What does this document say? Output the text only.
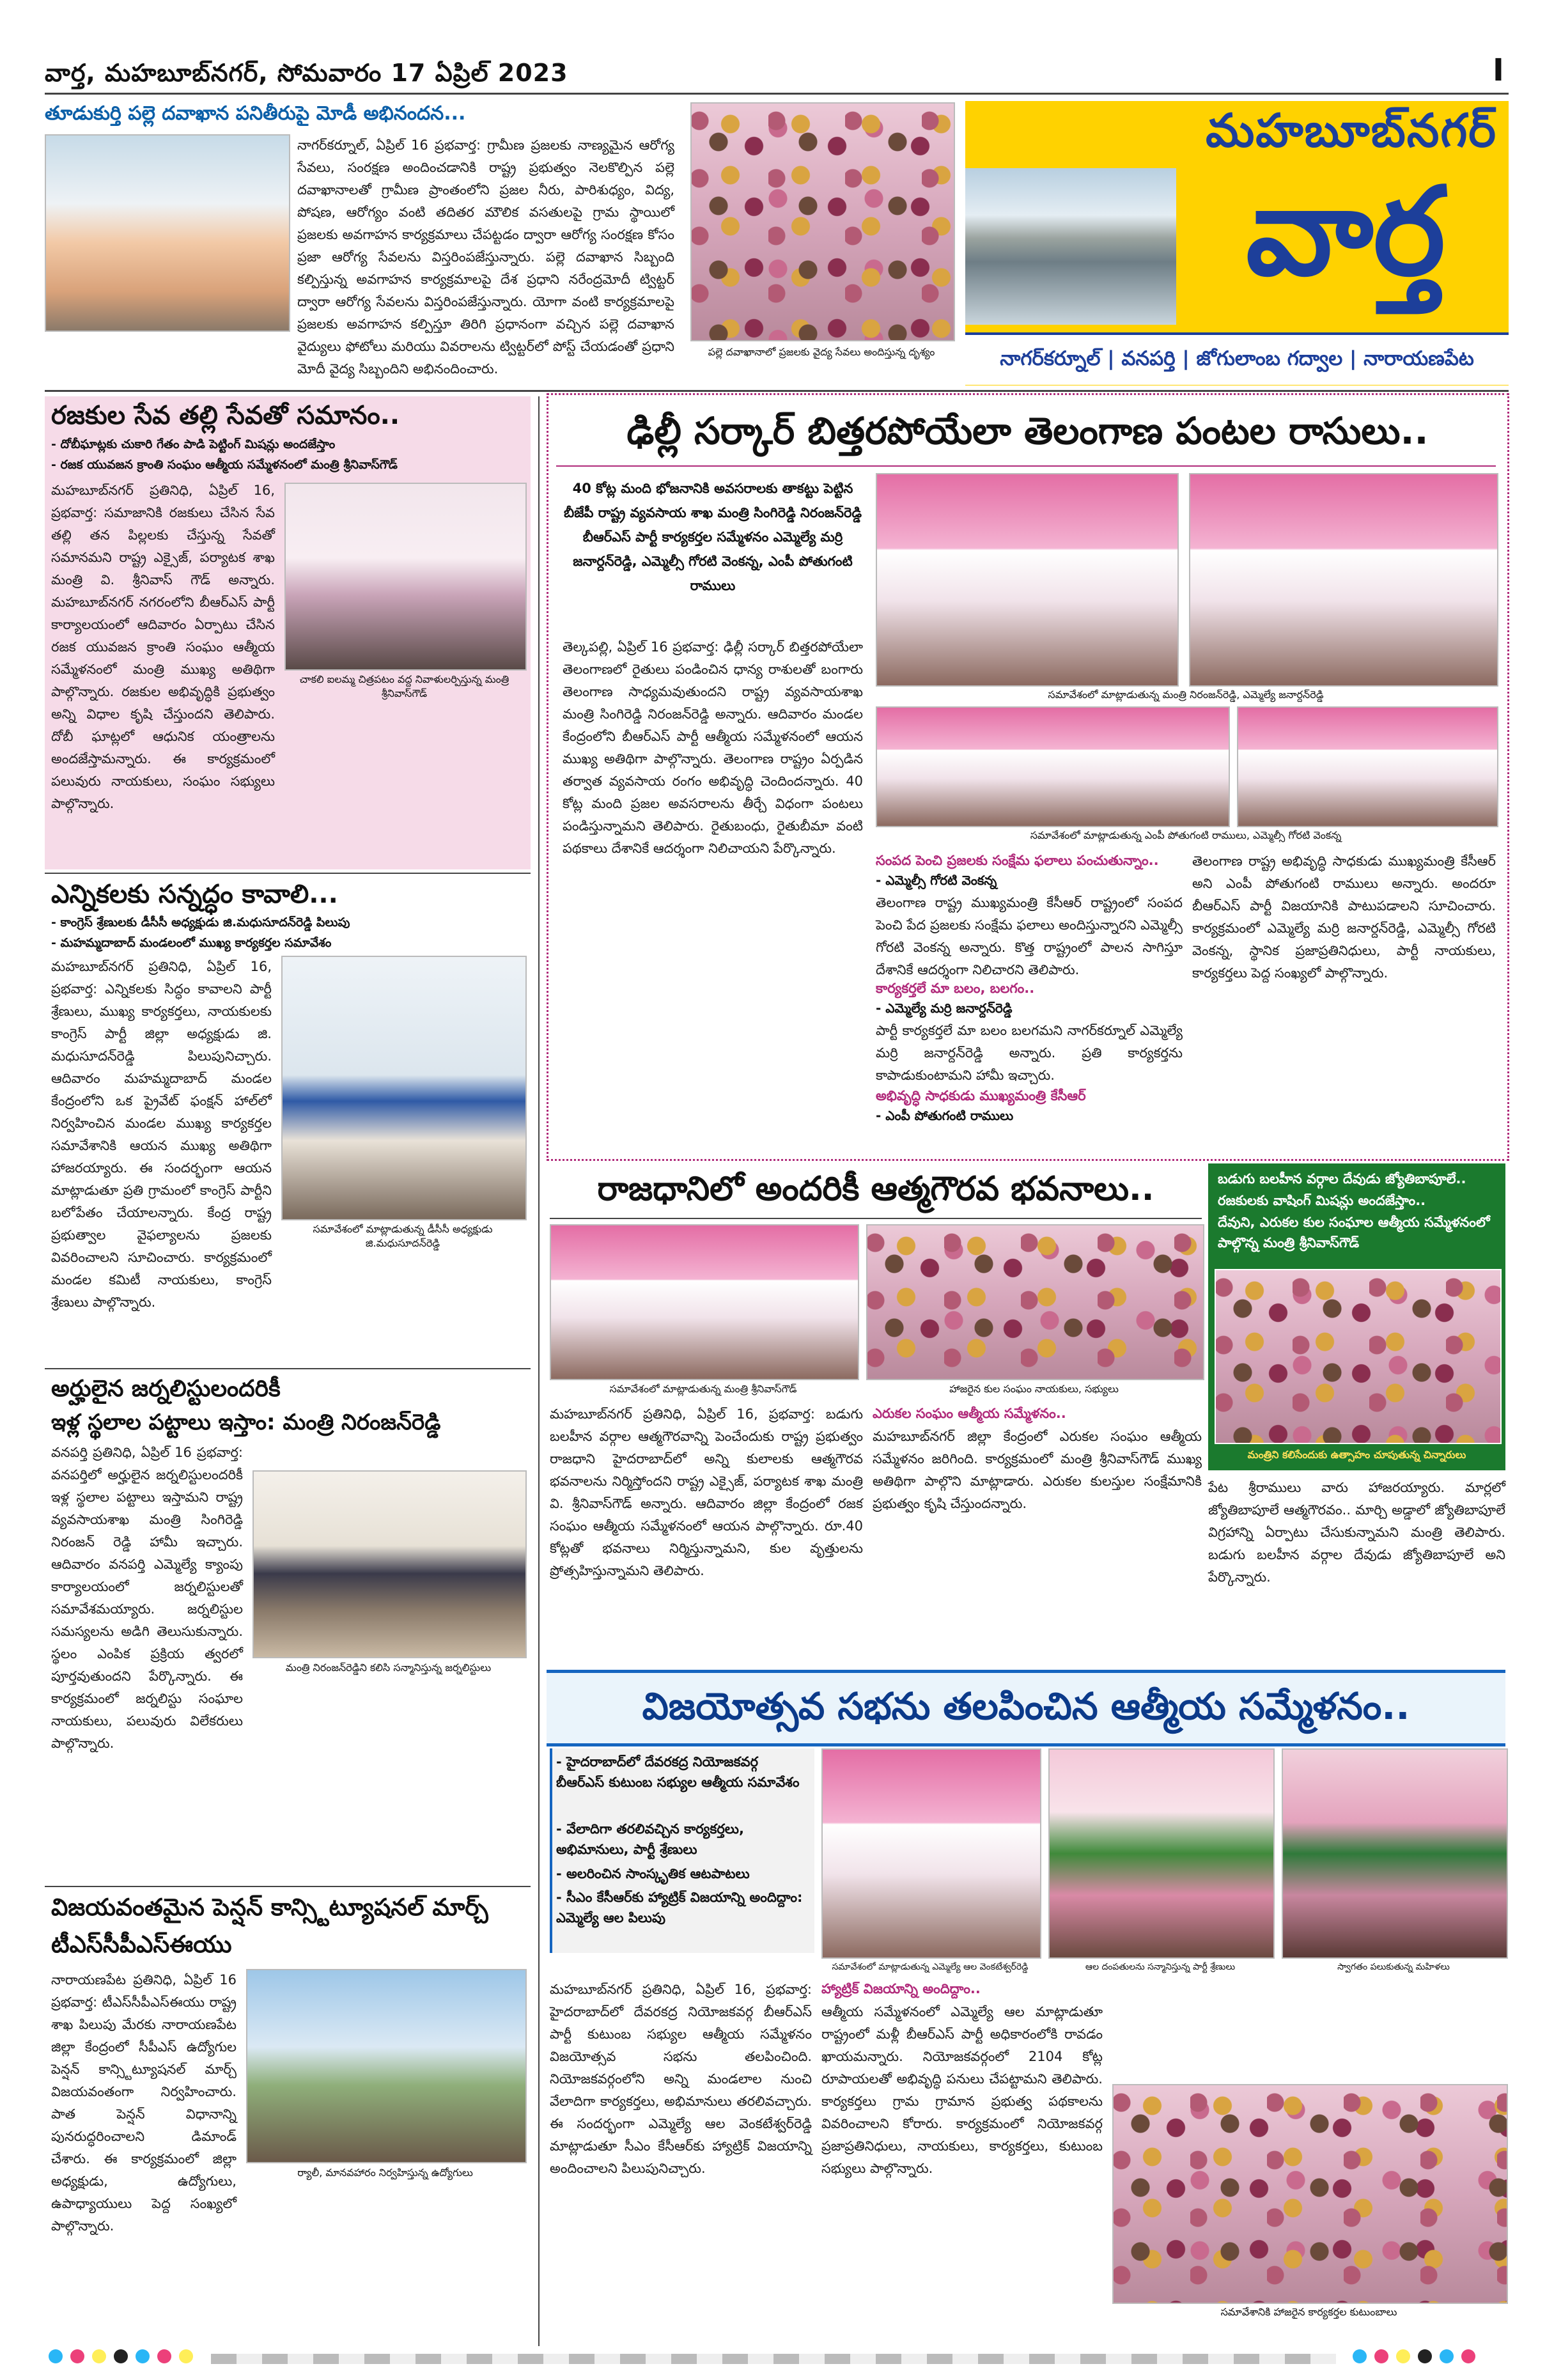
వార్త, మహబూబ్‌నగర్, సోమవారం 17 ఏప్రిల్ 2023	I
తూడుకుర్తి పల్లె దవాఖాన పనితీరుపై మోడీ అభినందన...
నాగర్‌కర్నూల్, ఏప్రిల్ 16 ప్రభవార్త: గ్రామీణ ప్రజలకు నాణ్యమైన ఆరోగ్య సేవలు, సంరక్షణ అందించడానికి రాష్ట్ర ప్రభుత్వం నెలకొల్పిన పల్లె దవాఖానాలతో గ్రామీణ ప్రాంతంలోని ప్రజల నీరు, పారిశుధ్యం, విద్య, పోషణ, ఆరోగ్యం వంటి తదితర మౌలిక వసతులపై గ్రామ స్థాయిలో ప్రజలకు అవగాహన కార్యక్రమాలు చేపట్టడం ద్వారా ఆరోగ్య సంరక్షణ కోసం ప్రజా ఆరోగ్య సేవలను విస్తరింపజేస్తున్నారు. పల్లె దవాఖాన సిబ్బంది కల్పిస్తున్న అవగాహన కార్యక్రమాలపై దేశ ప్రధాని నరేంద్రమోదీ ట్విట్టర్ ద్వారా ఆరోగ్య సేవలను విస్తరింపజేస్తున్నారు. యోగా వంటి కార్యక్రమాలపై ప్రజలకు అవగాహన కల్పిస్తూ తిరిగి ప్రధానంగా వచ్చిన పల్లె దవాఖాన వైద్యులు ఫోటోలు మరియు వివరాలను ట్విట్టర్‌లో పోస్ట్ చేయడంతో ప్రధాని మోదీ వైద్య సిబ్బందిని అభినందించారు.
పల్లె దవాఖానాలో ప్రజలకు వైద్య సేవలు అందిస్తున్న దృశ్యం
మహబూబ్‌నగర్
వార్త
నాగర్‌కర్నూల్ | వనపర్తి | జోగులాంబ గద్వాల | నారాయణపేట
రజకుల సేవ తల్లి సేవతో సమానం..
- దోబీఘాట్లకు చుకారి గేతం పాడి పెట్టింగ్ మిషన్లు అందజేస్తాం
- రజక యువజన క్రాంతి సంఘం ఆత్మీయ సమ్మేళనంలో మంత్రి శ్రీనివాస్‌గౌడ్
మహబూబ్‌నగర్ ప్రతినిధి, ఏప్రిల్ 16, ప్రభవార్త: సమాజానికి రజకులు చేసిన సేవ తల్లి తన పిల్లలకు చేస్తున్న సేవతో సమానమని రాష్ట్ర ఎక్సైజ్, పర్యాటక శాఖ మంత్రి వి. శ్రీనివాస్ గౌడ్ అన్నారు. మహబూబ్‌నగర్ నగరంలోని బీఆర్‌ఎస్ పార్టీ కార్యాలయంలో ఆదివారం ఏర్పాటు చేసిన రజక యువజన క్రాంతి సంఘం ఆత్మీయ సమ్మేళనంలో మంత్రి ముఖ్య అతిథిగా పాల్గొన్నారు. రజకుల అభివృద్ధికి ప్రభుత్వం అన్ని విధాల కృషి చేస్తుందని తెలిపారు. దోబీ ఘాట్లలో ఆధునిక యంత్రాలను అందజేస్తామన్నారు. ఈ కార్యక్రమంలో పలువురు నాయకులు, సంఘం సభ్యులు పాల్గొన్నారు.
చాకలి ఐలమ్మ చిత్రపటం వద్ద నివాళులర్పిస్తున్న మంత్రి శ్రీనివాస్‌గౌడ్
ఎన్నికలకు సన్నద్ధం కావాలి...
- కాంగ్రెస్ శ్రేణులకు డీసీసీ అధ్యక్షుడు జి.మధుసూదన్‌రెడ్డి పిలుపు
- మహమ్మదాబాద్ మండలంలో ముఖ్య కార్యకర్తల సమావేశం
మహబూబ్‌నగర్ ప్రతినిధి, ఏప్రిల్ 16, ప్రభవార్త: ఎన్నికలకు సిద్ధం కావాలని పార్టీ శ్రేణులు, ముఖ్య కార్యకర్తలు, నాయకులకు కాంగ్రెస్ పార్టీ జిల్లా అధ్యక్షుడు జి. మధుసూదన్‌రెడ్డి పిలుపునిచ్చారు. ఆదివారం మహమ్మదాబాద్ మండల కేంద్రంలోని ఒక ప్రైవేట్ ఫంక్షన్ హాల్‌లో నిర్వహించిన మండల ముఖ్య కార్యకర్తల సమావేశానికి ఆయన ముఖ్య అతిథిగా హాజరయ్యారు. ఈ సందర్భంగా ఆయన మాట్లాడుతూ ప్రతి గ్రామంలో కాంగ్రెస్ పార్టీని బలోపేతం చేయాలన్నారు. కేంద్ర రాష్ట్ర ప్రభుత్వాల వైఫల్యాలను ప్రజలకు వివరించాలని సూచించారు. కార్యక్రమంలో మండల కమిటీ నాయకులు, కాంగ్రెస్ శ్రేణులు పాల్గొన్నారు.
సమావేశంలో మాట్లాడుతున్న డీసీసీ అధ్యక్షుడు జి.మధుసూదన్‌రెడ్డి
అర్హులైన జర్నలిస్టులందరికీ
ఇళ్ల స్థలాల పట్టాలు ఇస్తాం: మంత్రి నిరంజన్‌రెడ్డి
వనపర్తి ప్రతినిధి, ఏప్రిల్ 16 ప్రభవార్త: వనపర్తిలో అర్హులైన జర్నలిస్టులందరికీ ఇళ్ల స్థలాల పట్టాలు ఇస్తామని రాష్ట్ర వ్యవసాయశాఖ మంత్రి సింగిరెడ్డి నిరంజన్ రెడ్డి హామీ ఇచ్చారు. ఆదివారం వనపర్తి ఎమ్మెల్యే క్యాంపు కార్యాలయంలో జర్నలిస్టులతో సమావేశమయ్యారు. జర్నలిస్టుల సమస్యలను అడిగి తెలుసుకున్నారు. స్థలం ఎంపిక ప్రక్రియ త్వరలో పూర్తవుతుందని పేర్కొన్నారు. ఈ కార్యక్రమంలో జర్నలిస్టు సంఘాల నాయకులు, పలువురు విలేకరులు పాల్గొన్నారు.
మంత్రి నిరంజన్‌రెడ్డిని కలిసి సన్మానిస్తున్న జర్నలిస్టులు
విజయవంతమైన పెన్షన్ కాన్స్టిట్యూషనల్ మార్చ్ టీఎస్‌సీపీఎస్‌ఈయు
నారాయణపేట ప్రతినిధి, ఏప్రిల్ 16 ప్రభవార్త: టీఎస్‌సీపీఎస్‌ఈయు రాష్ట్ర శాఖ పిలుపు మేరకు నారాయణపేట జిల్లా కేంద్రంలో సీపీఎస్ ఉద్యోగుల పెన్షన్ కాన్స్టిట్యూషనల్ మార్చ్ విజయవంతంగా నిర్వహించారు. పాత పెన్షన్ విధానాన్ని పునరుద్ధరించాలని డిమాండ్ చేశారు. ఈ కార్యక్రమంలో జిల్లా అధ్యక్షుడు, ఉద్యోగులు, ఉపాధ్యాయులు పెద్ద సంఖ్యలో పాల్గొన్నారు.
ర్యాలీ, మానవహారం నిర్వహిస్తున్న ఉద్యోగులు
ఢిల్లీ సర్కార్ బిత్తరపోయేలా తెలంగాణ పంటల రాసులు..
40 కోట్ల మంది భోజనానికి అవసరాలకు తాకట్టు పెట్టిన బీజేపీ రాష్ట్ర వ్యవసాయ శాఖ మంత్రి సింగిరెడ్డి నిరంజన్‌రెడ్డి బీఆర్‌ఎస్ పార్టీ కార్యకర్తల సమ్మేళనం ఎమ్మెల్యే మర్రి జనార్దన్‌రెడ్డి, ఎమ్మెల్సీ గోరటి వెంకన్న, ఎంపీ పోతుగంటి రాములు
సమావేశంలో మాట్లాడుతున్న మంత్రి నిరంజన్‌రెడ్డి, ఎమ్మెల్యే జనార్దన్‌రెడ్డి
తెల్కపల్లి, ఏప్రిల్ 16 ప్రభవార్త: ఢిల్లీ సర్కార్ బిత్తరపోయేలా తెలంగాణలో రైతులు పండించిన ధాన్య రాశులతో బంగారు తెలంగాణ సాధ్యమవుతుందని రాష్ట్ర వ్యవసాయశాఖ మంత్రి సింగిరెడ్డి నిరంజన్‌రెడ్డి అన్నారు. ఆదివారం మండల కేంద్రంలోని బీఆర్‌ఎస్ పార్టీ ఆత్మీయ సమ్మేళనంలో ఆయన ముఖ్య అతిథిగా పాల్గొన్నారు. తెలంగాణ రాష్ట్రం ఏర్పడిన తర్వాత వ్యవసాయ రంగం అభివృద్ధి చెందిందన్నారు. 40 కోట్ల మంది ప్రజల అవసరాలను తీర్చే విధంగా పంటలు పండిస్తున్నామని తెలిపారు. రైతుబంధు, రైతుబీమా వంటి పథకాలు దేశానికే ఆదర్శంగా నిలిచాయని పేర్కొన్నారు.
సమావేశంలో మాట్లాడుతున్న ఎంపీ పోతుగంటి రాములు, ఎమ్మెల్సీ గోరటి వెంకన్న
సంపద పెంచి ప్రజలకు సంక్షేమ ఫలాలు పంచుతున్నాం..
- ఎమ్మెల్సీ గోరటి వెంకన్న
తెలంగాణ రాష్ట్ర ముఖ్యమంత్రి కేసీఆర్ రాష్ట్రంలో సంపద పెంచి పేద ప్రజలకు సంక్షేమ ఫలాలు అందిస్తున్నారని ఎమ్మెల్సీ గోరటి వెంకన్న అన్నారు. కొత్త రాష్ట్రంలో పాలన సాగిస్తూ దేశానికే ఆదర్శంగా నిలిచారని తెలిపారు.
కార్యకర్తలే మా బలం, బలగం..
- ఎమ్మెల్యే మర్రి జనార్దన్‌రెడ్డి
పార్టీ కార్యకర్తలే మా బలం బలగమని నాగర్‌కర్నూల్ ఎమ్మెల్యే మర్రి జనార్దన్‌రెడ్డి అన్నారు. ప్రతి కార్యకర్తను కాపాడుకుంటామని హామీ ఇచ్చారు.
అభివృద్ధి సాధకుడు ముఖ్యమంత్రి కేసీఆర్
- ఎంపీ పోతుగంటి రాములు
తెలంగాణ రాష్ట్ర అభివృద్ధి సాధకుడు ముఖ్యమంత్రి కేసీఆర్ అని ఎంపీ పోతుగంటి రాములు అన్నారు. అందరూ బీఆర్‌ఎస్ పార్టీ విజయానికి పాటుపడాలని సూచించారు. కార్యక్రమంలో ఎమ్మెల్యే మర్రి జనార్దన్‌రెడ్డి, ఎమ్మెల్సీ గోరటి వెంకన్న, స్థానిక ప్రజాప్రతినిధులు, పార్టీ నాయకులు, కార్యకర్తలు పెద్ద సంఖ్యలో పాల్గొన్నారు.
రాజధానిలో అందరికీ ఆత్మగౌరవ భవనాలు..
సమావేశంలో మాట్లాడుతున్న మంత్రి శ్రీనివాస్‌గౌడ్	హాజరైన కుల సంఘం నాయకులు, సభ్యులు
మహబూబ్‌నగర్ ప్రతినిధి, ఏప్రిల్ 16, ప్రభవార్త: బడుగు బలహీన వర్గాల ఆత్మగౌరవాన్ని పెంచేందుకు రాష్ట్ర ప్రభుత్వం రాజధాని హైదరాబాద్‌లో అన్ని కులాలకు ఆత్మగౌరవ భవనాలను నిర్మిస్తోందని రాష్ట్ర ఎక్సైజ్, పర్యాటక శాఖ మంత్రి వి. శ్రీనివాస్‌గౌడ్ అన్నారు. ఆదివారం జిల్లా కేంద్రంలో రజక సంఘం ఆత్మీయ సమ్మేళనంలో ఆయన పాల్గొన్నారు. రూ.40 కోట్లతో భవనాలు నిర్మిస్తున్నామని, కుల వృత్తులను ప్రోత్సహిస్తున్నామని తెలిపారు.
ఎరుకల సంఘం ఆత్మీయ సమ్మేళనం..
మహబూబ్‌నగర్ జిల్లా కేంద్రంలో ఎరుకల సంఘం ఆత్మీయ సమ్మేళనం జరిగింది. కార్యక్రమంలో మంత్రి శ్రీనివాస్‌గౌడ్ ముఖ్య అతిథిగా పాల్గొని మాట్లాడారు. ఎరుకల కులస్తుల సంక్షేమానికి ప్రభుత్వం కృషి చేస్తుందన్నారు.
బడుగు బలహీన వర్గాల దేవుడు జ్యోతిబాపూలే..
రజకులకు వాషింగ్ మిషన్లు అందజేస్తాం..
దేవుని, ఎరుకల కుల సంఘాల ఆత్మీయ సమ్మేళనంలో పాల్గొన్న మంత్రి శ్రీనివాస్‌గౌడ్
మంత్రిని కలిసేందుకు ఉత్సాహం చూపుతున్న చిన్నారులు
పేట శ్రీరాములు వారు హాజరయ్యారు. మార్లలో జ్యోతిబాపూలే ఆత్మగౌరవం.. మార్చి అడ్డాలో జ్యోతిబాపూలే విగ్రహాన్ని ఏర్పాటు చేసుకున్నామని మంత్రి తెలిపారు. బడుగు బలహీన వర్గాల దేవుడు జ్యోతిబాపూలే అని పేర్కొన్నారు.
విజయోత్సవ సభను తలపించిన ఆత్మీయ సమ్మేళనం..
- హైదరాబాద్‌లో దేవరకద్ర నియోజకవర్గ బీఆర్‌ఎస్ కుటుంబ సభ్యుల ఆత్మీయ సమావేశం
- వేలాదిగా తరలివచ్చిన కార్యకర్తలు, అభిమానులు, పార్టీ శ్రేణులు
- అలరించిన సాంస్కృతిక ఆటపాటలు
- సీఎం కేసీఆర్‌కు హ్యాట్రిక్ విజయాన్ని అందిద్దాం: ఎమ్మెల్యే ఆల పిలుపు
సమావేశంలో మాట్లాడుతున్న ఎమ్మెల్యే ఆల వెంకటేశ్వర్‌రెడ్డి	ఆల దంపతులను సన్మానిస్తున్న పార్టీ శ్రేణులు	స్వాగతం పలుకుతున్న మహిళలు
మహబూబ్‌నగర్ ప్రతినిధి, ఏప్రిల్ 16, ప్రభవార్త: హైదరాబాద్‌లో దేవరకద్ర నియోజకవర్గ బీఆర్‌ఎస్ పార్టీ కుటుంబ సభ్యుల ఆత్మీయ సమ్మేళనం విజయోత్సవ సభను తలపించింది. నియోజకవర్గంలోని అన్ని మండలాల నుంచి వేలాదిగా కార్యకర్తలు, అభిమానులు తరలివచ్చారు. ఈ సందర్భంగా ఎమ్మెల్యే ఆల వెంకటేశ్వర్‌రెడ్డి మాట్లాడుతూ సీఎం కేసీఆర్‌కు హ్యాట్రిక్ విజయాన్ని అందించాలని పిలుపునిచ్చారు.
హ్యాట్రిక్ విజయాన్ని అందిద్దాం..
ఆత్మీయ సమ్మేళనంలో ఎమ్మెల్యే ఆల మాట్లాడుతూ రాష్ట్రంలో మళ్లీ బీఆర్‌ఎస్ పార్టీ అధికారంలోకి రావడం ఖాయమన్నారు. నియోజకవర్గంలో 2104 కోట్ల రూపాయలతో అభివృద్ధి పనులు చేపట్టామని తెలిపారు. కార్యకర్తలు గ్రామ గ్రామాన ప్రభుత్వ పథకాలను వివరించాలని కోరారు. కార్యక్రమంలో నియోజకవర్గ ప్రజాప్రతినిధులు, నాయకులు, కార్యకర్తలు, కుటుంబ సభ్యులు పాల్గొన్నారు.
సమావేశానికి హాజరైన కార్యకర్తల కుటుంబాలు
